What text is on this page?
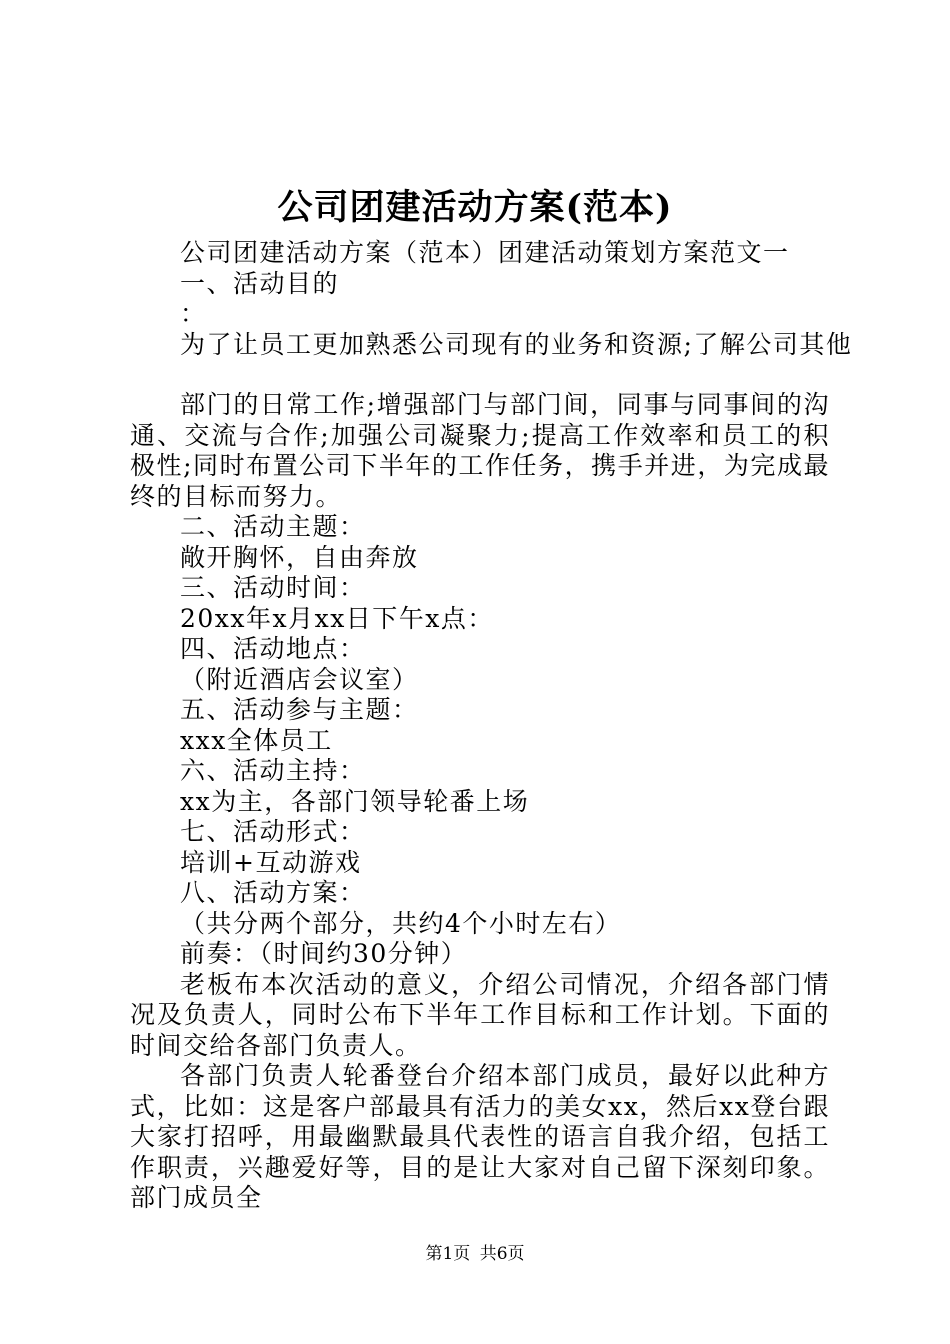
公司团建活动方案(范本)
公司团建活动方案（范本）团建活动策划方案范文一
一、活动目的
：
为了让员工更加熟悉公司现有的业务和资源;了解公司其他

部门的日常工作;增强部门与部门间，同事与同事间的沟通、交流与合作;加强公司凝聚力;提高工作效率和员工的积极性;同时布置公司下半年的工作任务，携手并进，为完成最终的目标而努力。

二、活动主题：
敞开胸怀，自由奔放
三、活动时间：
20xx年x月xx日下午x点：
四、活动地点：
（附近酒店会议室）
五、活动参与主题：
xxx全体员工
六、活动主持：
xx为主，各部门领导轮番上场
七、活动形式：
培训+互动游戏
八、活动方案：
（共分两个部分，共约4个小时左右）
前奏：（时间约30分钟）

老板布本次活动的意义，介绍公司情况，介绍各部门情况及负责人，同时公布下半年工作目标和工作计划。下面的时间交给各部门负责人。

各部门负责人轮番登台介绍本部门成员，最好以此种方式，比如：这是客户部最具有活力的美女xx，然后xx登台跟大家打招呼，用最幽默最具代表性的语言自我介绍，包括工作职责，兴趣爱好等，目的是让大家对自己留下深刻印象。部门成员全

第1页 共6页
